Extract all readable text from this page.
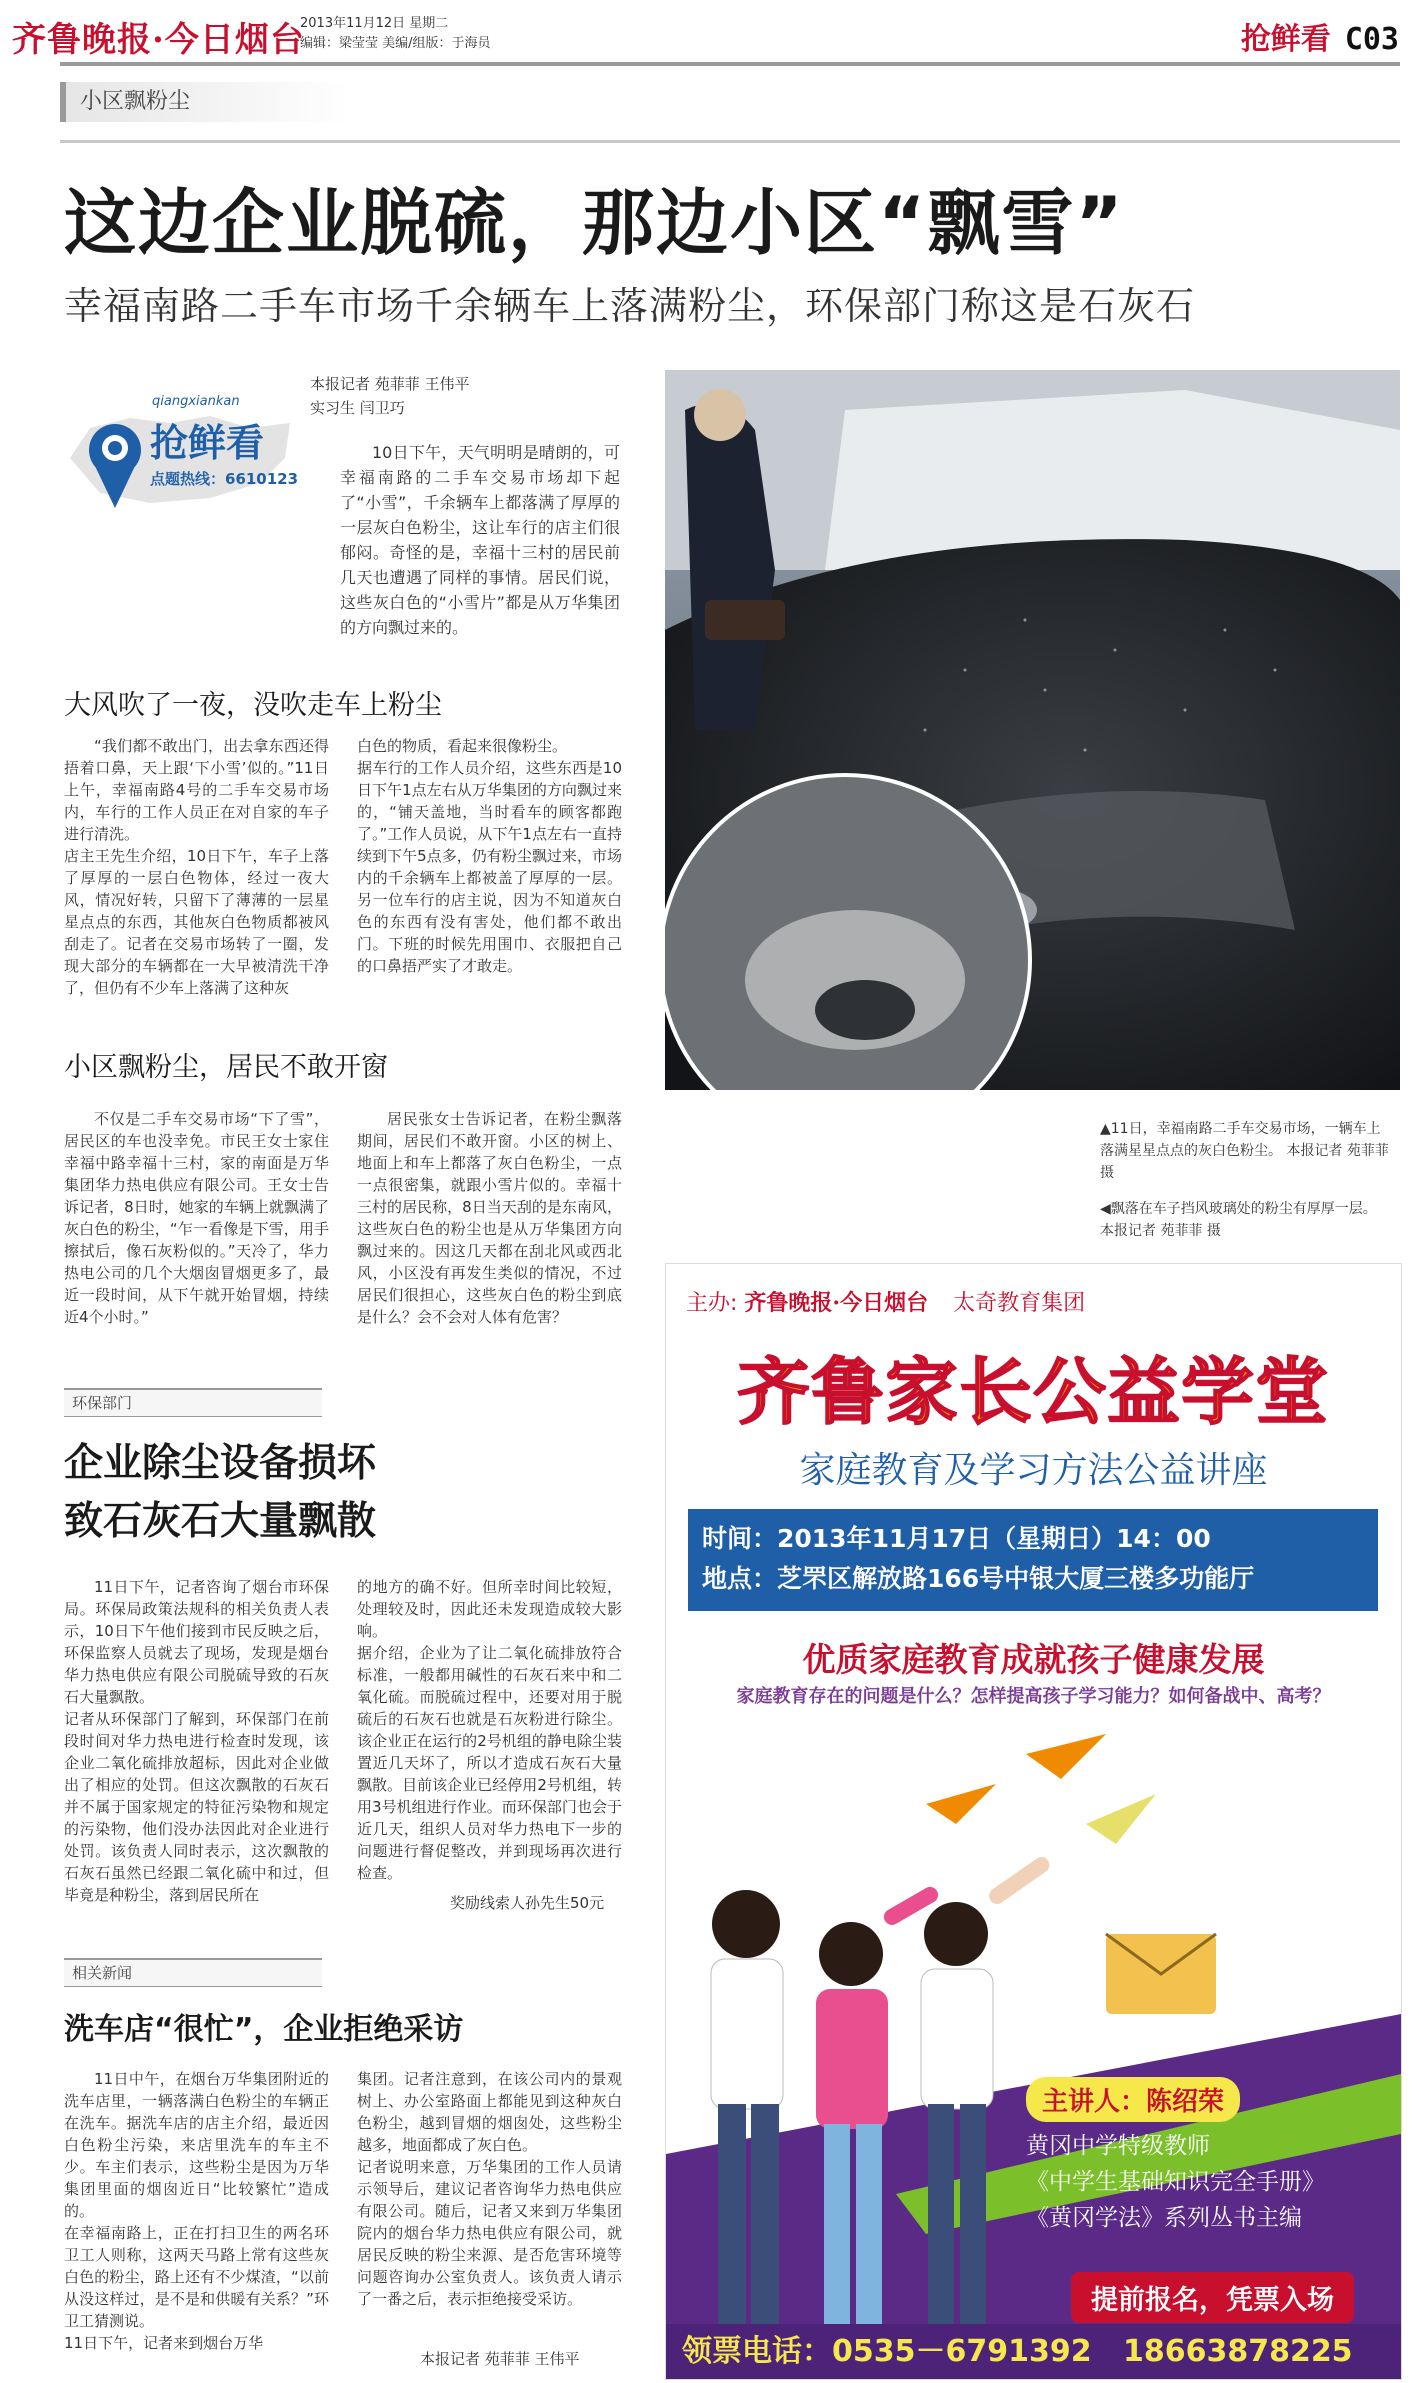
齐鲁晚报·今日烟台
2013年11月12日 星期二
编辑：梁莹莹 美编/组版：于海员	抢鲜看 C03
小区飘粉尘
这边企业脱硫，那边小区“飘雪”
幸福南路二手车市场千余辆车上落满粉尘，环保部门称这是石灰石
本报记者 苑菲菲 王伟平
实习生 闫卫巧
qiangxiankan
抢鲜看
点题热线：6610123
10日下午，天气明明是晴朗的，可幸福南路的二手车交易市场却下起了“小雪”，千余辆车上都落满了厚厚的一层灰白色粉尘，这让车行的店主们很郁闷。奇怪的是，幸福十三村的居民前几天也遭遇了同样的事情。居民们说，这些灰白色的“小雪片”都是从万华集团的方向飘过来的。
大风吹了一夜，没吹走车上粉尘
“我们都不敢出门，出去拿东西还得捂着口鼻，天上跟‘下小雪’似的。”11日上午，幸福南路4号的二手车交易市场内，车行的工作人员正在对自家的车子进行清洗。
店主王先生介绍，10日下午，车子上落了厚厚的一层白色物体，经过一夜大风，情况好转，只留下了薄薄的一层星星点点的东西，其他灰白色物质都被风刮走了。记者在交易市场转了一圈，发现大部分的车辆都在一大早被清洗干净了，但仍有不少车上落满了这种灰
白色的物质，看起来很像粉尘。
据车行的工作人员介绍，这些东西是10日下午1点左右从万华集团的方向飘过来的，“铺天盖地，当时看车的顾客都跑了。”工作人员说，从下午1点左右一直持续到下午5点多，仍有粉尘飘过来，市场内的千余辆车上都被盖了厚厚的一层。另一位车行的店主说，因为不知道灰白色的东西有没有害处，他们都不敢出门。下班的时候先用围巾、衣服把自己的口鼻捂严实了才敢走。
▲11日，幸福南路二手车交易市场，一辆车上落满星星点点的灰白色粉尘。 本报记者 苑菲菲 摄
◀飘落在车子挡风玻璃处的粉尘有厚厚一层。 本报记者 苑菲菲 摄
小区飘粉尘，居民不敢开窗
不仅是二手车交易市场“下了雪”，居民区的车也没幸免。市民王女士家住幸福中路幸福十三村，家的南面是万华集团华力热电供应有限公司。王女士告诉记者，8日时，她家的车辆上就飘满了灰白色的粉尘，“乍一看像是下雪，用手擦拭后，像石灰粉似的。”天冷了，华力热电公司的几个大烟囱冒烟更多了，最近一段时间，从下午就开始冒烟，持续近4个小时。”
居民张女士告诉记者，在粉尘飘落期间，居民们不敢开窗。小区的树上、地面上和车上都落了灰白色粉尘，一点一点很密集，就跟小雪片似的。幸福十三村的居民称，8日当天刮的是东南风，这些灰白色的粉尘也是从万华集团方向飘过来的。因这几天都在刮北风或西北风，小区没有再发生类似的情况，不过居民们很担心，这些灰白色的粉尘到底是什么？会不会对人体有危害？
环保部门
企业除尘设备损坏
致石灰石大量飘散
11日下午，记者咨询了烟台市环保局。环保局政策法规科的相关负责人表示，10日下午他们接到市民反映之后，环保监察人员就去了现场，发现是烟台华力热电供应有限公司脱硫导致的石灰石大量飘散。
记者从环保部门了解到，环保部门在前段时间对华力热电进行检查时发现，该企业二氧化硫排放超标，因此对企业做出了相应的处罚。但这次飘散的石灰石并不属于国家规定的特征污染物和规定的污染物，他们没办法因此对企业进行处罚。该负责人同时表示，这次飘散的石灰石虽然已经跟二氧化硫中和过，但毕竟是种粉尘，落到居民所在
的地方的确不好。但所幸时间比较短，处理较及时，因此还未发现造成较大影响。
据介绍，企业为了让二氧化硫排放符合标准，一般都用碱性的石灰石来中和二氧化硫。而脱硫过程中，还要对用于脱硫后的石灰石也就是石灰粉进行除尘。该企业正在运行的2号机组的静电除尘装置近几天坏了，所以才造成石灰石大量飘散。目前该企业已经停用2号机组，转用3号机组进行作业。而环保部门也会于近几天，组织人员对华力热电下一步的问题进行督促整改，并到现场再次进行检查。
奖励线索人孙先生50元
相关新闻
洗车店“很忙”，企业拒绝采访
11日中午，在烟台万华集团附近的洗车店里，一辆落满白色粉尘的车辆正在洗车。据洗车店的店主介绍，最近因白色粉尘污染，来店里洗车的车主不少。车主们表示，这些粉尘是因为万华集团里面的烟囱近日“比较繁忙”造成的。
在幸福南路上，正在打扫卫生的两名环卫工人则称，这两天马路上常有这些灰白色的粉尘，路上还有不少煤渣，“以前从没这样过，是不是和供暖有关系？”环卫工猜测说。
11日下午，记者来到烟台万华
集团。记者注意到，在该公司内的景观树上、办公室路面上都能见到这种灰白色粉尘，越到冒烟的烟囱处，这些粉尘越多，地面都成了灰白色。
记者说明来意，万华集团的工作人员请示领导后，建议记者咨询华力热电供应有限公司。随后，记者又来到万华集团院内的烟台华力热电供应有限公司，就居民反映的粉尘来源、是否危害环境等问题咨询办公室负责人。该负责人请示了一番之后，表示拒绝接受采访。
本报记者 苑菲菲 王伟平
主办: 齐鲁晚报·今日烟台 太奇教育集团
齐鲁家长公益学堂
家庭教育及学习方法公益讲座
时间：2013年11月17日（星期日）14：00
地点：芝罘区解放路166号中银大厦三楼多功能厅
优质家庭教育成就孩子健康发展
家庭教育存在的问题是什么？怎样提高孩子学习能力？如何备战中、高考？
主讲人：陈绍荣
黄冈中学特级教师
《中学生基础知识完全手册》
《黄冈学法》系列丛书主编
提前报名，凭票入场
领票电话：0535－6791392   18663878225
